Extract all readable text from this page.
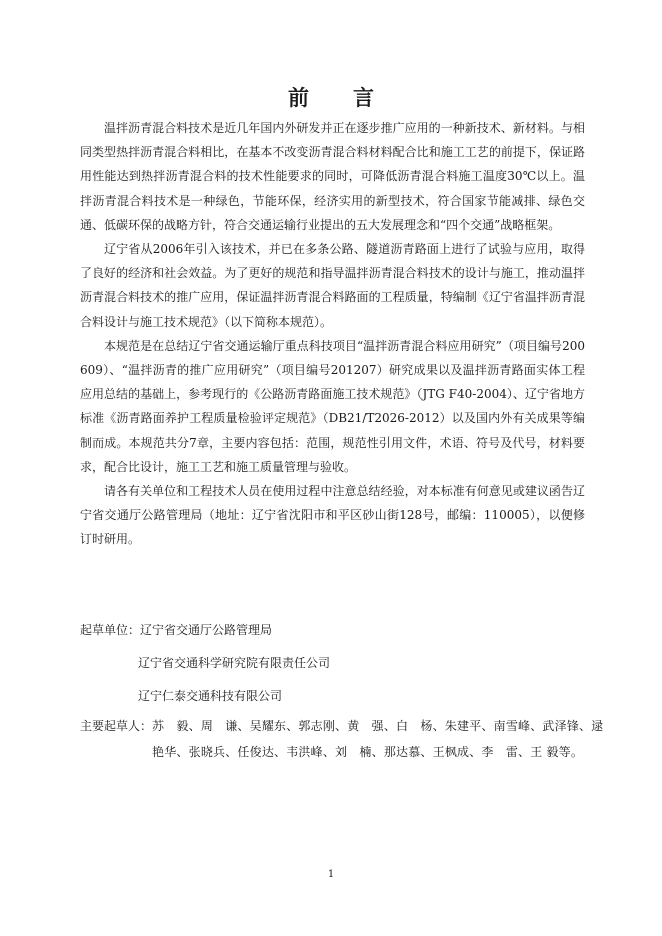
前言

温拌沥青混合料技术是近几年国内外研发并正在逐步推广应用的一种新技术、新材料。与相同类型热拌沥青混合料相比，在基本不改变沥青混合料材料配合比和施工工艺的前提下，保证路用性能达到热拌沥青混合料的技术性能要求的同时，可降低沥青混合料施工温度30℃以上。温拌沥青混合料技术是一种绿色，节能环保，经济实用的新型技术，符合国家节能减排、绿色交通、低碳环保的战略方针，符合交通运输行业提出的五大发展理念和“四个交通”战略框架。

辽宁省从2006年引入该技术，并已在多条公路、隧道沥青路面上进行了试验与应用，取得了良好的经济和社会效益。为了更好的规范和指导温拌沥青混合料技术的设计与施工，推动温拌沥青混合料技术的推广应用，保证温拌沥青混合料路面的工程质量，特编制《辽宁省温拌沥青混合料设计与施工技术规范》（以下简称本规范）。

本规范是在总结辽宁省交通运输厅重点科技项目“温拌沥青混合料应用研究”（项目编号200609）、“温拌沥青的推广应用研究”（项目编号201207）研究成果以及温拌沥青路面实体工程应用总结的基础上，参考现行的《公路沥青路面施工技术规范》（JTG F40-2004）、辽宁省地方标准《沥青路面养护工程质量检验评定规范》（DB21/T2026-2012）以及国内外有关成果等编制而成。本规范共分7章，主要内容包括：范围，规范性引用文件，术语、符号及代号，材料要求，配合比设计，施工工艺和施工质量管理与验收。

请各有关单位和工程技术人员在使用过程中注意总结经验，对本标准有何意见或建议函告辽宁省交通厅公路管理局（地址：辽宁省沈阳市和平区砂山街128号，邮编：110005），以便修订时研用。

起草单位：辽宁省交通厅公路管理局
辽宁省交通科学研究院有限责任公司
辽宁仁泰交通科技有限公司
主要起草人： 苏　毅、周　谦、吴耀东、郭志刚、黄　强、白　杨、朱建平、南雪峰、武泽锋、逯
艳华、张晓兵、任俊达、韦洪峰、刘　楠、那达慕、王枫成、李　雷、王 毅等。
1
